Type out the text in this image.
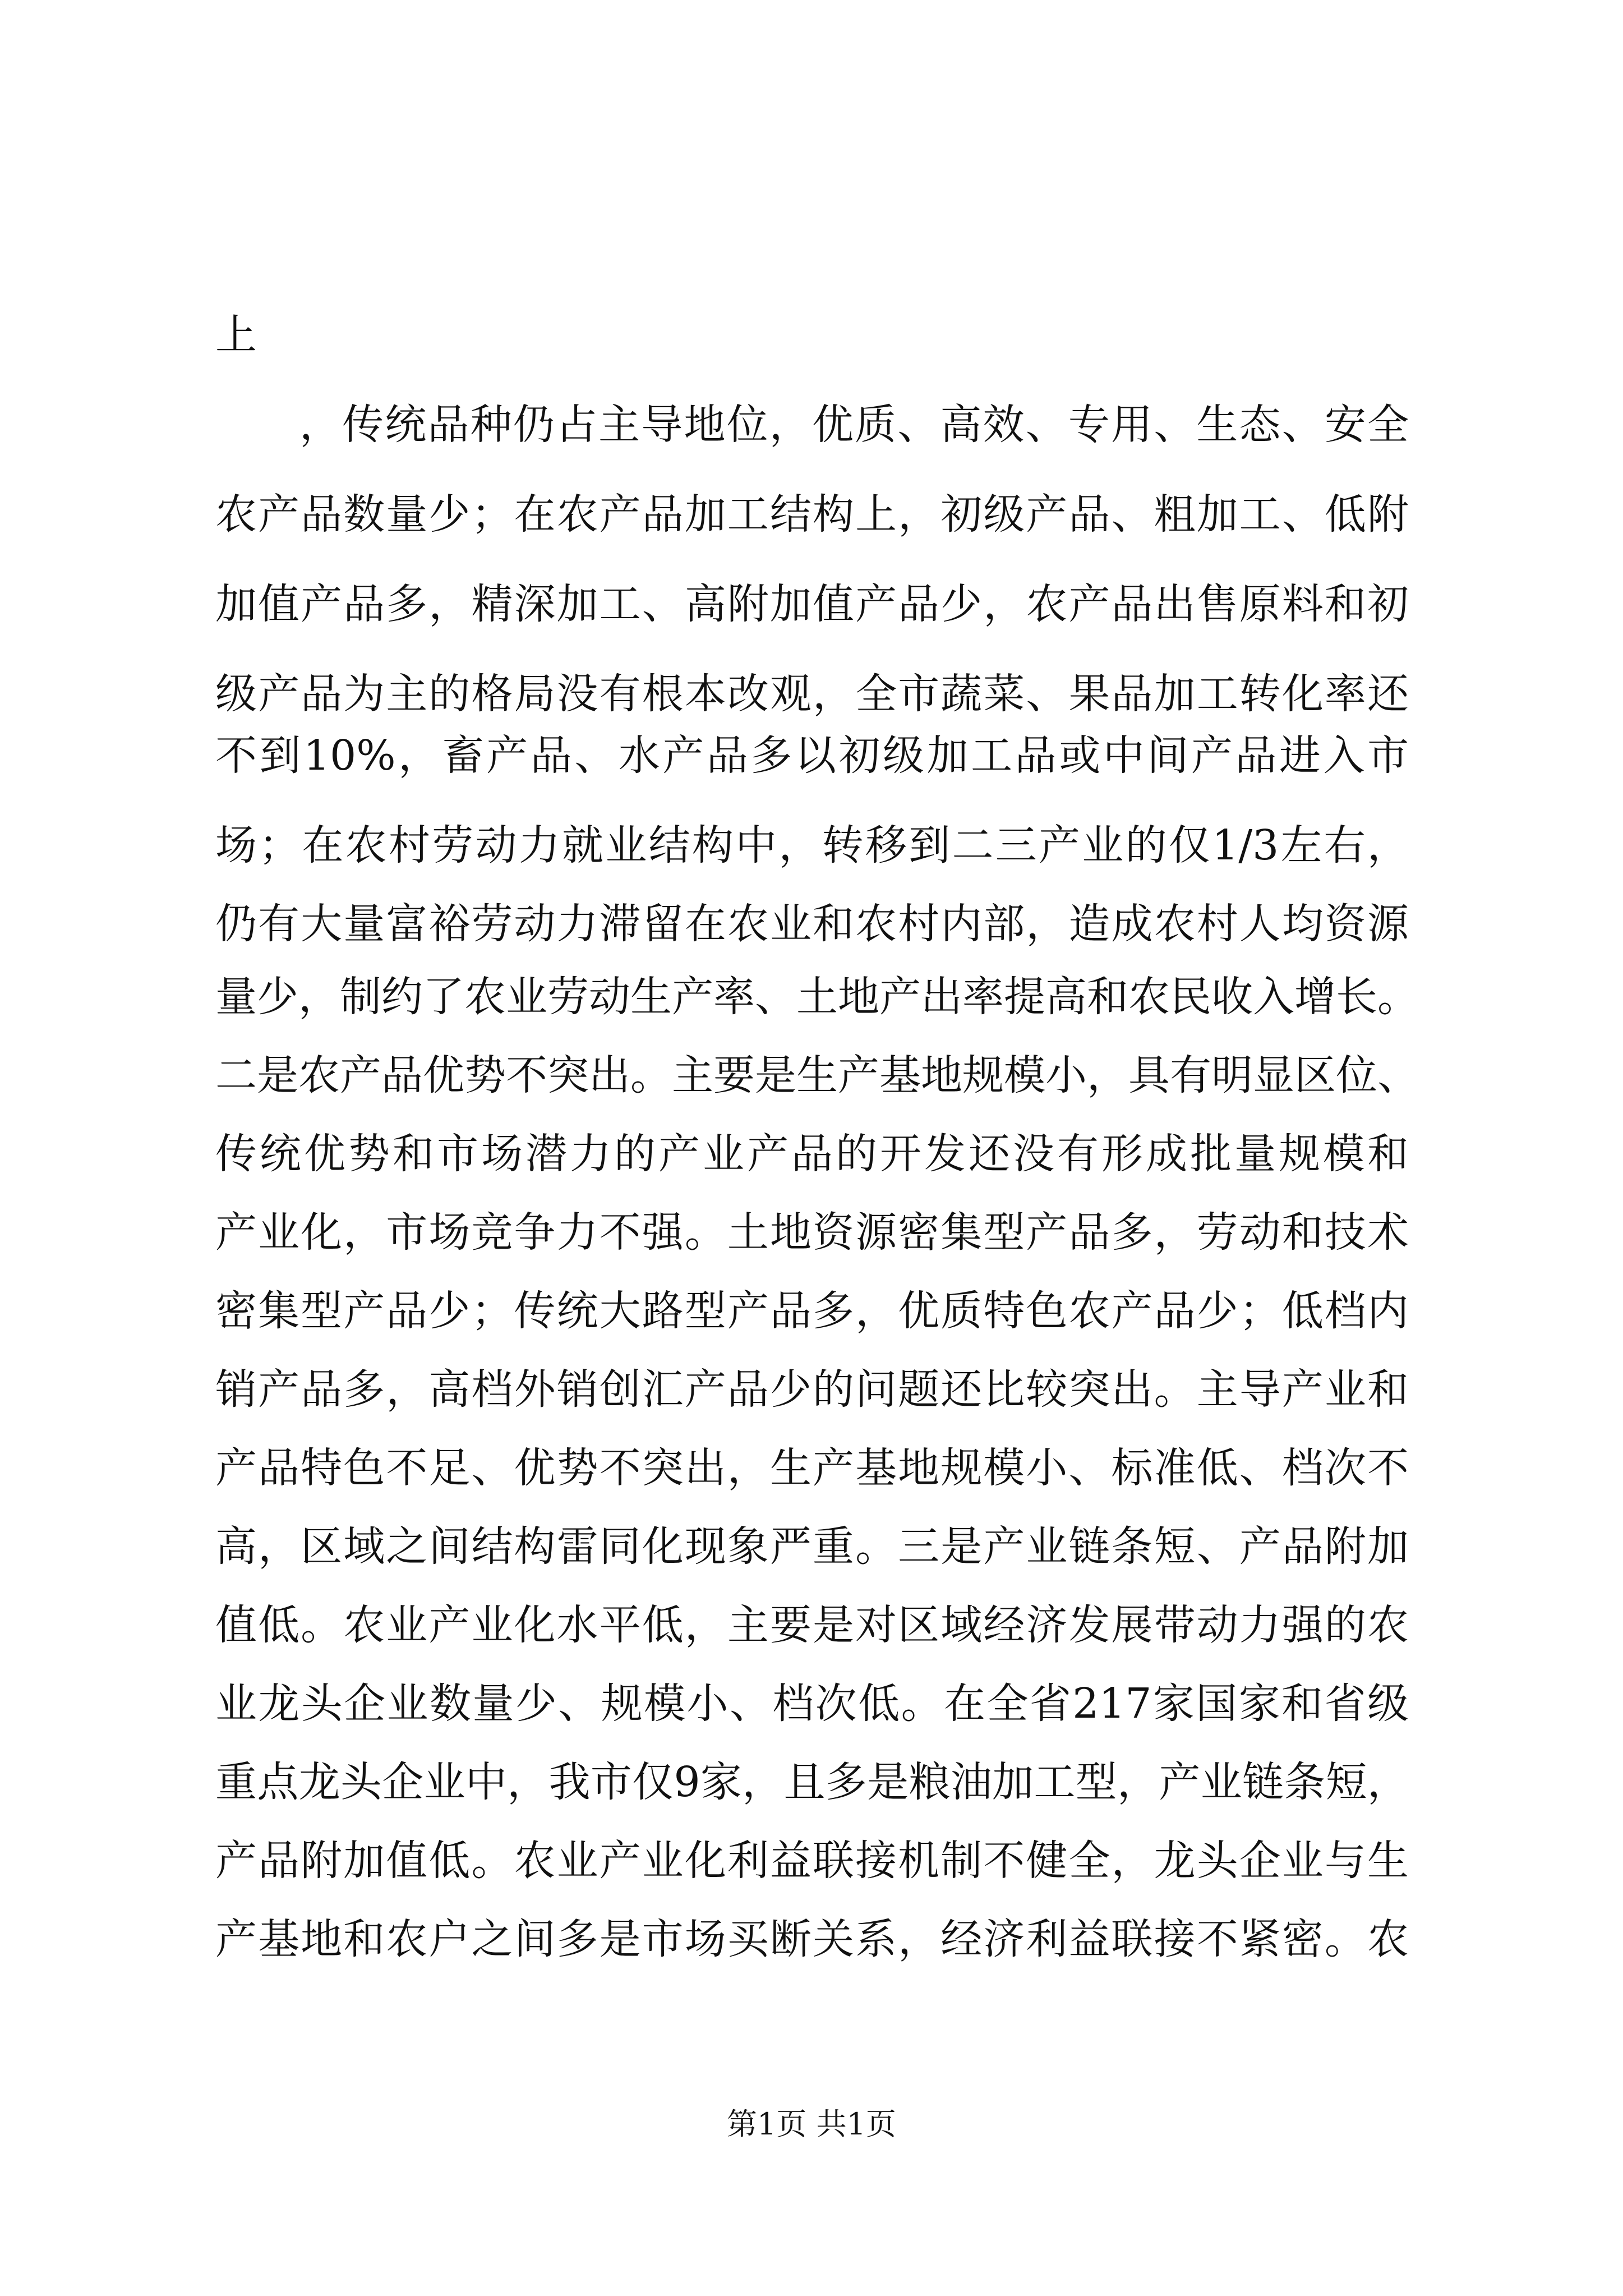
上
，传统品种仍占主导地位，优质、高效、专用、生态、安全
农产品数量少；在农产品加工结构上，初级产品、粗加工、低附
加值产品多，精深加工、高附加值产品少，农产品出售原料和初
级产品为主的格局没有根本改观，全市蔬菜、果品加工转化率还
不到10%，畜产品、水产品多以初级加工品或中间产品进入市
场；在农村劳动力就业结构中，转移到二三产业的仅1/3左右，
仍有大量富裕劳动力滞留在农业和农村内部，造成农村人均资源
量少，制约了农业劳动生产率、土地产出率提高和农民收入增长。
二是农产品优势不突出。主要是生产基地规模小，具有明显区位、
传统优势和市场潜力的产业产品的开发还没有形成批量规模和
产业化，市场竞争力不强。土地资源密集型产品多，劳动和技术
密集型产品少；传统大路型产品多，优质特色农产品少；低档内
销产品多，高档外销创汇产品少的问题还比较突出。主导产业和
产品特色不足、优势不突出，生产基地规模小、标准低、档次不
高，区域之间结构雷同化现象严重。三是产业链条短、产品附加
值低。农业产业化水平低，主要是对区域经济发展带动力强的农
业龙头企业数量少、规模小、档次低。在全省217家国家和省级
重点龙头企业中，我市仅9家，且多是粮油加工型，产业链条短，
产品附加值低。农业产业化利益联接机制不健全，龙头企业与生
产基地和农户之间多是市场买断关系，经济利益联接不紧密。农
第1页 共1页
